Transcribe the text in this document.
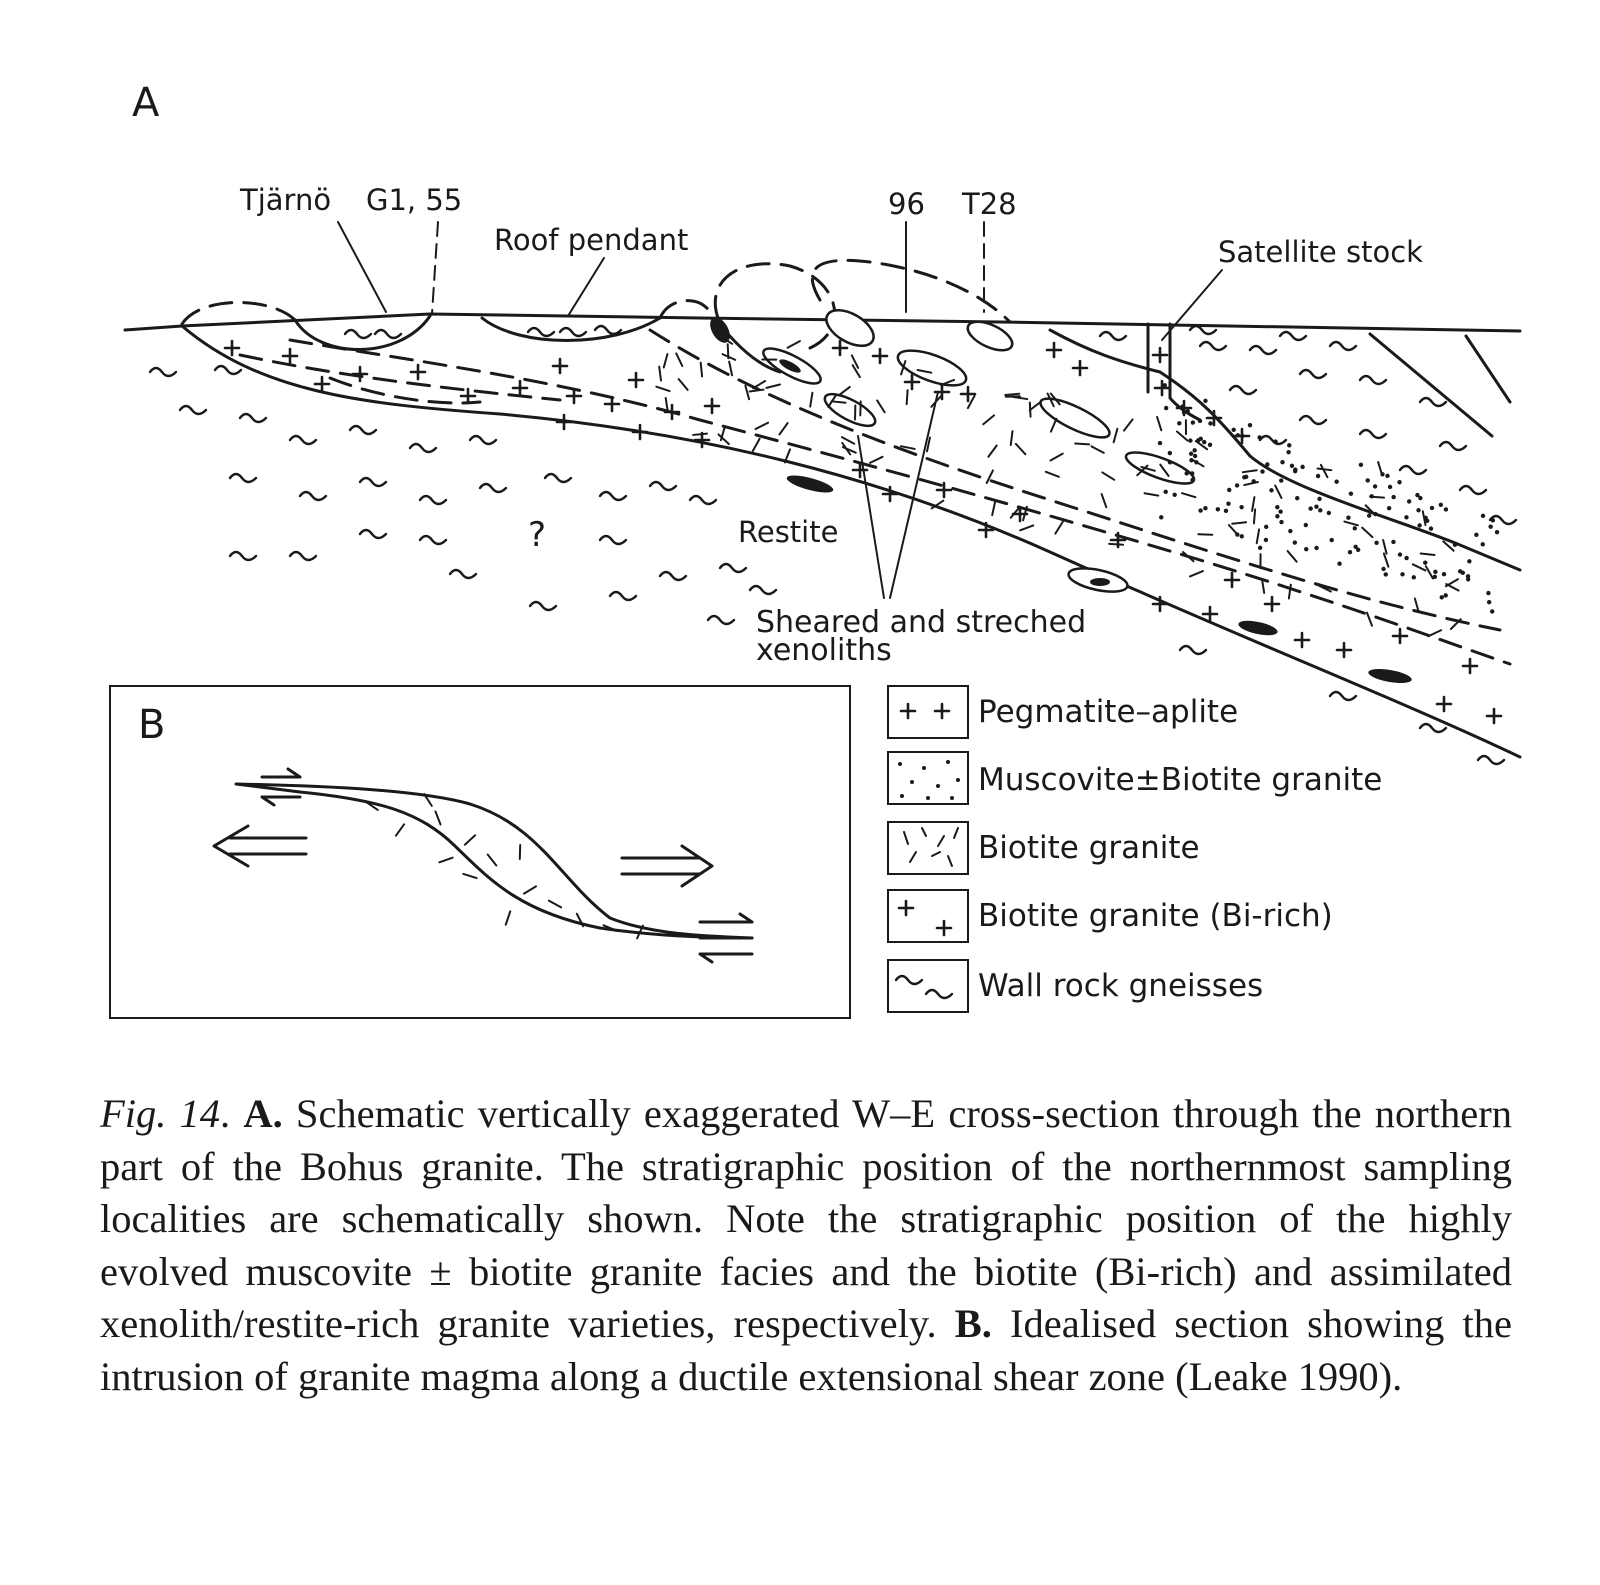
A
Tjärnö G1, 55
Roof pendant
96 T28
Satellite stock
Restite
?
Sheared and streched
xenoliths
B	Pegmatite–aplite
Muscovite±Biotite granite
Biotite granite
Biotite granite (Bi-rich)
Wall rock gneisses

Fig. 14. A. Schematic vertically exaggerated W–E cross-section through the northern part of the Bohus granite. The stratigraphic position of the northernmost sampling localities are schematically shown. Note the stratigraphic position of the highly evolved muscovite ± biotite granite facies and the biotite (Bi-rich) and assimilated xenolith/restite-rich granite varieties, respectively. B. Idealised section showing the intrusion of granite magma along a ductile extensional shear zone (Leake 1990).
